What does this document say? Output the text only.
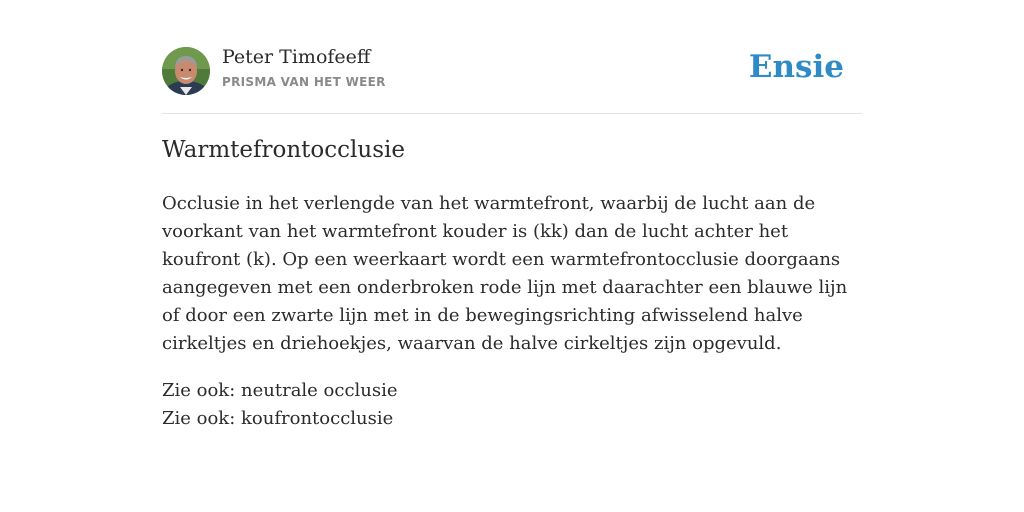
Peter Timofeeff
PRISMA VAN HET WEER	Ensie
Warmtefrontocclusie

Occlusie in het verlengde van het warmtefront, waarbij de lucht aan de voorkant van het warmtefront kouder is (kk) dan de lucht achter het koufront (k). Op een weerkaart wordt een warmtefrontocclusie doorgaans aangegeven met een onderbroken rode lijn met daarachter een blauwe lijn of door een zwarte lijn met in de bewegingsrichting afwisselend halve cirkeltjes en driehoekjes, waarvan de halve cirkeltjes zijn opgevuld.

Zie ook: neutrale occlusie
Zie ook: koufrontocclusie
